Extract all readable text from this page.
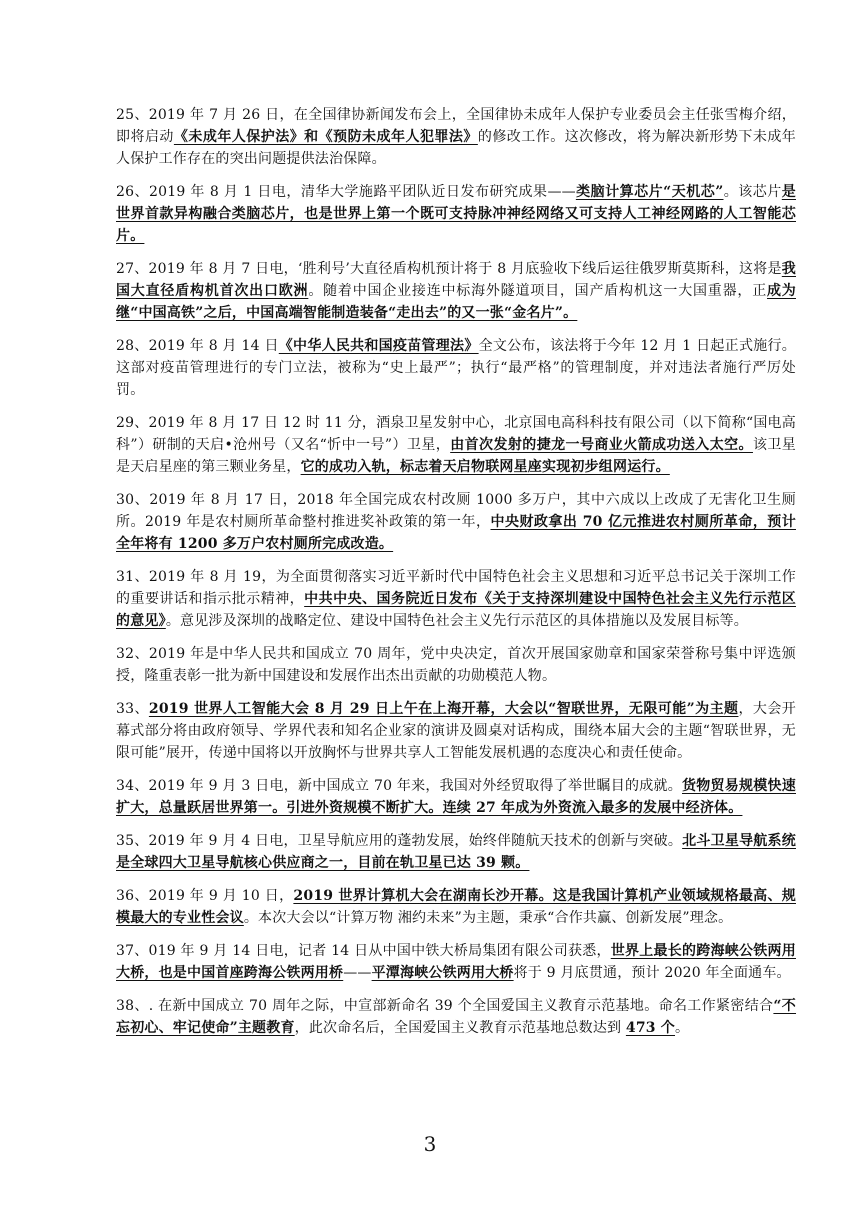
25、2019 年 7 月 26 日，在全国律协新闻发布会上，全国律协未成年人保护专业委员会主任张雪梅介绍，即将启动《未成年人保护法》和《预防未成年人犯罪法》的修改工作。这次修改，将为解决新形势下未成年人保护工作存在的突出问题提供法治保障。

26、2019 年 8 月 1 日电，清华大学施路平团队近日发布研究成果——类脑计算芯片“天机芯”。该芯片是世界首款异构融合类脑芯片，也是世界上第一个既可支持脉冲神经网络又可支持人工神经网路的人工智能芯片。

27、2019 年 8 月 7 日电，‘胜利号’大直径盾构机预计将于 8 月底验收下线后运往俄罗斯莫斯科，这将是我国大直径盾构机首次出口欧洲。随着中国企业接连中标海外隧道项目，国产盾构机这一大国重器，正成为继“中国高铁”之后，中国高端智能制造装备“走出去”的又一张“金名片”。

28、2019 年 8 月 14 日《中华人民共和国疫苗管理法》全文公布，该法将于今年 12 月 1 日起正式施行。这部对疫苗管理进行的专门立法，被称为“史上最严”；执行“最严格”的管理制度，并对违法者施行严厉处罚。

29、2019 年 8 月 17 日 12 时 11 分，酒泉卫星发射中心，北京国电高科科技有限公司（以下简称“国电高科”）研制的天启•沧州号（又名“忻中一号”）卫星，由首次发射的捷龙一号商业火箭成功送入太空。该卫星是天启星座的第三颗业务星，它的成功入轨，标志着天启物联网星座实现初步组网运行。

30、2019 年 8 月 17 日，2018 年全国完成农村改厕 1000 多万户，其中六成以上改成了无害化卫生厕所。2019 年是农村厕所革命整村推进奖补政策的第一年，中央财政拿出 70 亿元推进农村厕所革命，预计全年将有 1200 多万户农村厕所完成改造。

31、2019 年 8 月 19，为全面贯彻落实习近平新时代中国特色社会主义思想和习近平总书记关于深圳工作的重要讲话和指示批示精神，中共中央、国务院近日发布《关于支持深圳建设中国特色社会主义先行示范区的意见》。意见涉及深圳的战略定位、建设中国特色社会主义先行示范区的具体措施以及发展目标等。

32、2019 年是中华人民共和国成立 70 周年，党中央决定，首次开展国家勋章和国家荣誉称号集中评选颁授，隆重表彰一批为新中国建设和发展作出杰出贡献的功勋模范人物。

33、2019 世界人工智能大会 8 月 29 日上午在上海开幕，大会以“智联世界，无限可能”为主题，大会开幕式部分将由政府领导、学界代表和知名企业家的演讲及圆桌对话构成，围绕本届大会的主题“智联世界，无限可能”展开，传递中国将以开放胸怀与世界共享人工智能发展机遇的态度决心和责任使命。

34、2019 年 9 月 3 日电，新中国成立 70 年来，我国对外经贸取得了举世瞩目的成就。货物贸易规模快速扩大，总量跃居世界第一。引进外资规模不断扩大。连续 27 年成为外资流入最多的发展中经济体。

35、2019 年 9 月 4 日电，卫星导航应用的蓬勃发展，始终伴随航天技术的创新与突破。北斗卫星导航系统是全球四大卫星导航核心供应商之一，目前在轨卫星已达 39 颗。

36、2019 年 9 月 10 日，2019 世界计算机大会在湖南长沙开幕。这是我国计算机产业领域规格最高、规模最大的专业性会议。本次大会以“计算万物 湘约未来”为主题，秉承“合作共赢、创新发展”理念。

37、019 年 9 月 14 日电，记者 14 日从中国中铁大桥局集团有限公司获悉，世界上最长的跨海峡公铁两用大桥，也是中国首座跨海公铁两用桥——平潭海峡公铁两用大桥将于 9 月底贯通，预计 2020 年全面通车。

38、. 在新中国成立 70 周年之际，中宣部新命名 39 个全国爱国主义教育示范基地。命名工作紧密结合“不忘初心、牢记使命”主题教育，此次命名后，全国爱国主义教育示范基地总数达到 473 个。

3
